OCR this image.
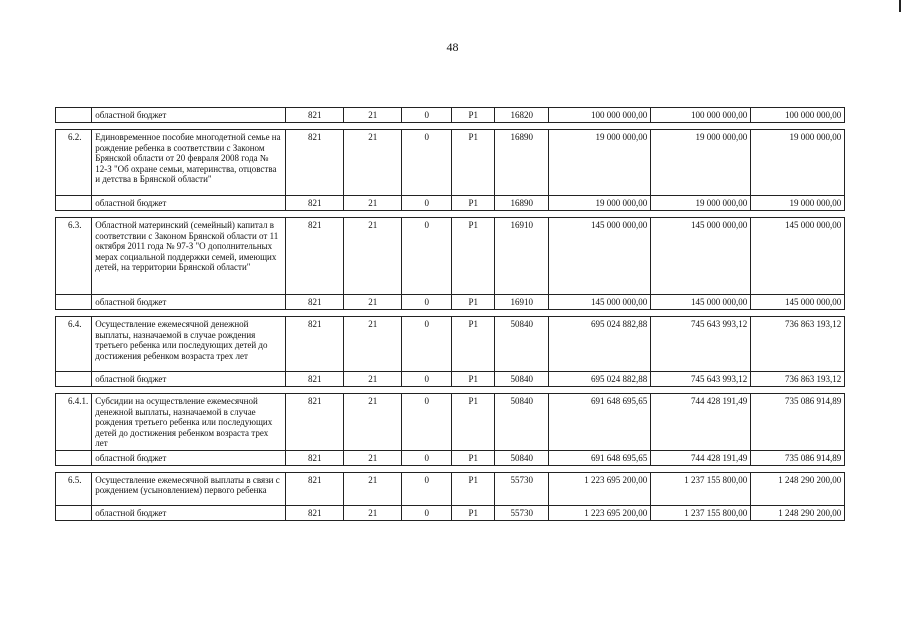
48
	областной бюджет	821	21	0	P1	16820	100 000 000,00	100 000 000,00	100 000 000,00

6.2.	Единовременное пособие многодетной семье на рождение ребенка в соответствии с Законом Брянской области от 20 февраля 2008 года № 12-З "Об охране семьи, материнства, отцовства и детства в Брянской области"	821	21	0	P1	16890	19 000 000,00	19 000 000,00	19 000 000,00
	областной бюджет	821	21	0	P1	16890	19 000 000,00	19 000 000,00	19 000 000,00

6.3.	Областной материнский (семейный) капитал в соответствии с Законом Брянской области от 11 октября 2011 года № 97-З "О дополнительных мерах социальной поддержки семей, имеющих детей, на территории Брянской области"	821	21	0	P1	16910	145 000 000,00	145 000 000,00	145 000 000,00
	областной бюджет	821	21	0	P1	16910	145 000 000,00	145 000 000,00	145 000 000,00

6.4.	Осуществление ежемесячной денежной выплаты, назначаемой в случае рождения третьего ребенка или последующих детей до достижения ребенком возраста трех лет	821	21	0	P1	50840	695 024 882,88	745 643 993,12	736 863 193,12
	областной бюджет	821	21	0	P1	50840	695 024 882,88	745 643 993,12	736 863 193,12

6.4.1.	Субсидии на осуществление ежемесячной денежной выплаты, назначаемой в случае рождения третьего ребенка или последующих детей до достижения ребенком возраста трех лет	821	21	0	P1	50840	691 648 695,65	744 428 191,49	735 086 914,89
	областной бюджет	821	21	0	P1	50840	691 648 695,65	744 428 191,49	735 086 914,89

6.5.	Осуществление ежемесячной выплаты в связи с рождением (усыновлением) первого ребенка	821	21	0	P1	55730	1 223 695 200,00	1 237 155 800,00	1 248 290 200,00
	областной бюджет	821	21	0	P1	55730	1 223 695 200,00	1 237 155 800,00	1 248 290 200,00
